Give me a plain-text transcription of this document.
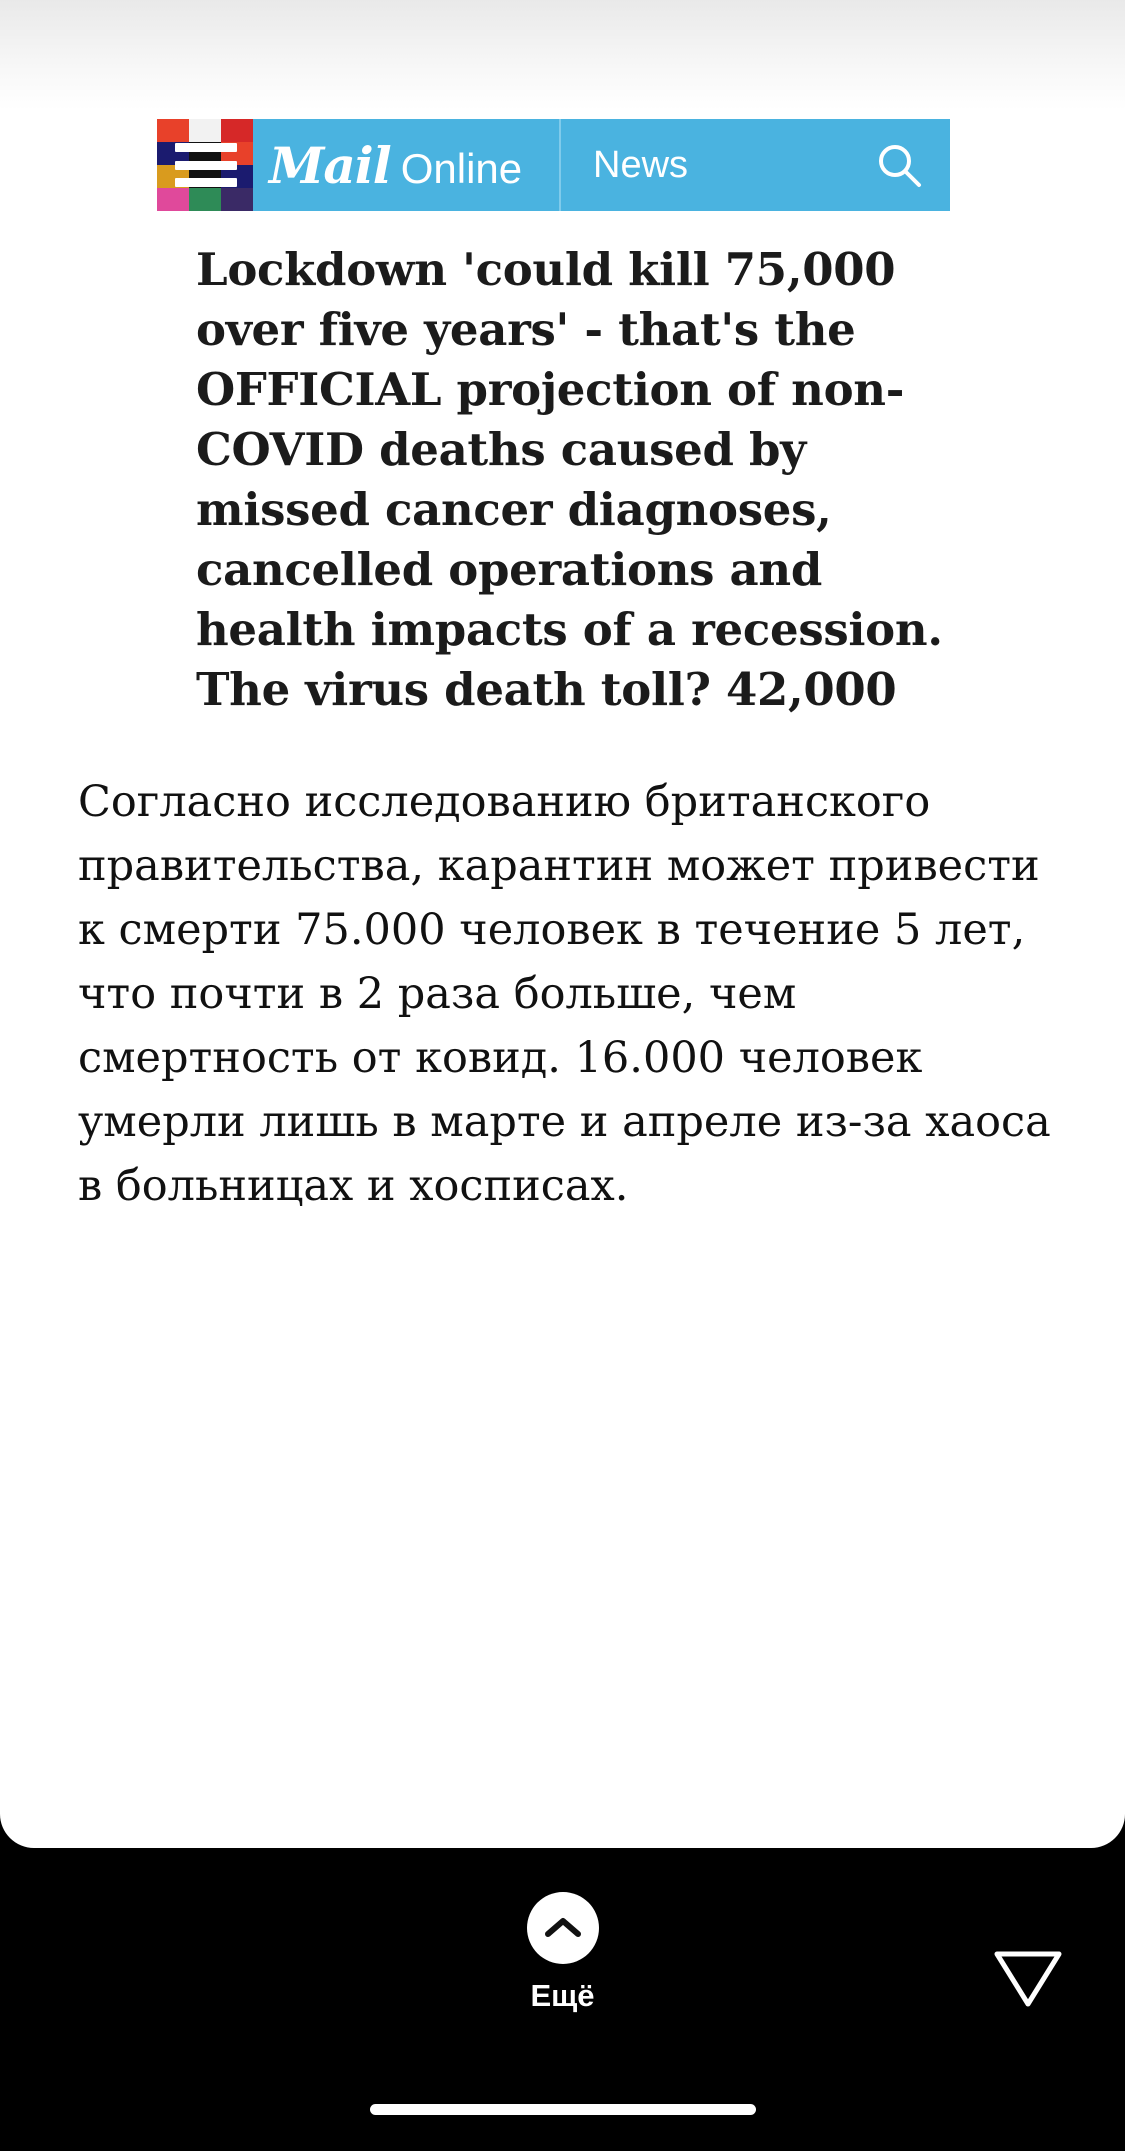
Mail Online News
Lockdown 'could kill 75,000 over five years' - that's the OFFICIAL projection of non-COVID deaths caused by missed cancer diagnoses, cancelled operations and health impacts of a recession. The virus death toll? 42,000
Согласно исследованию британского правительства, карантин может привести к смерти 75.000 человек в течение 5 лет, что почти в 2 раза больше, чем смертность от ковид. 16.000 человек умерли лишь в марте и апреле из-за хаоса в больницах и хосписах.
Ещё
